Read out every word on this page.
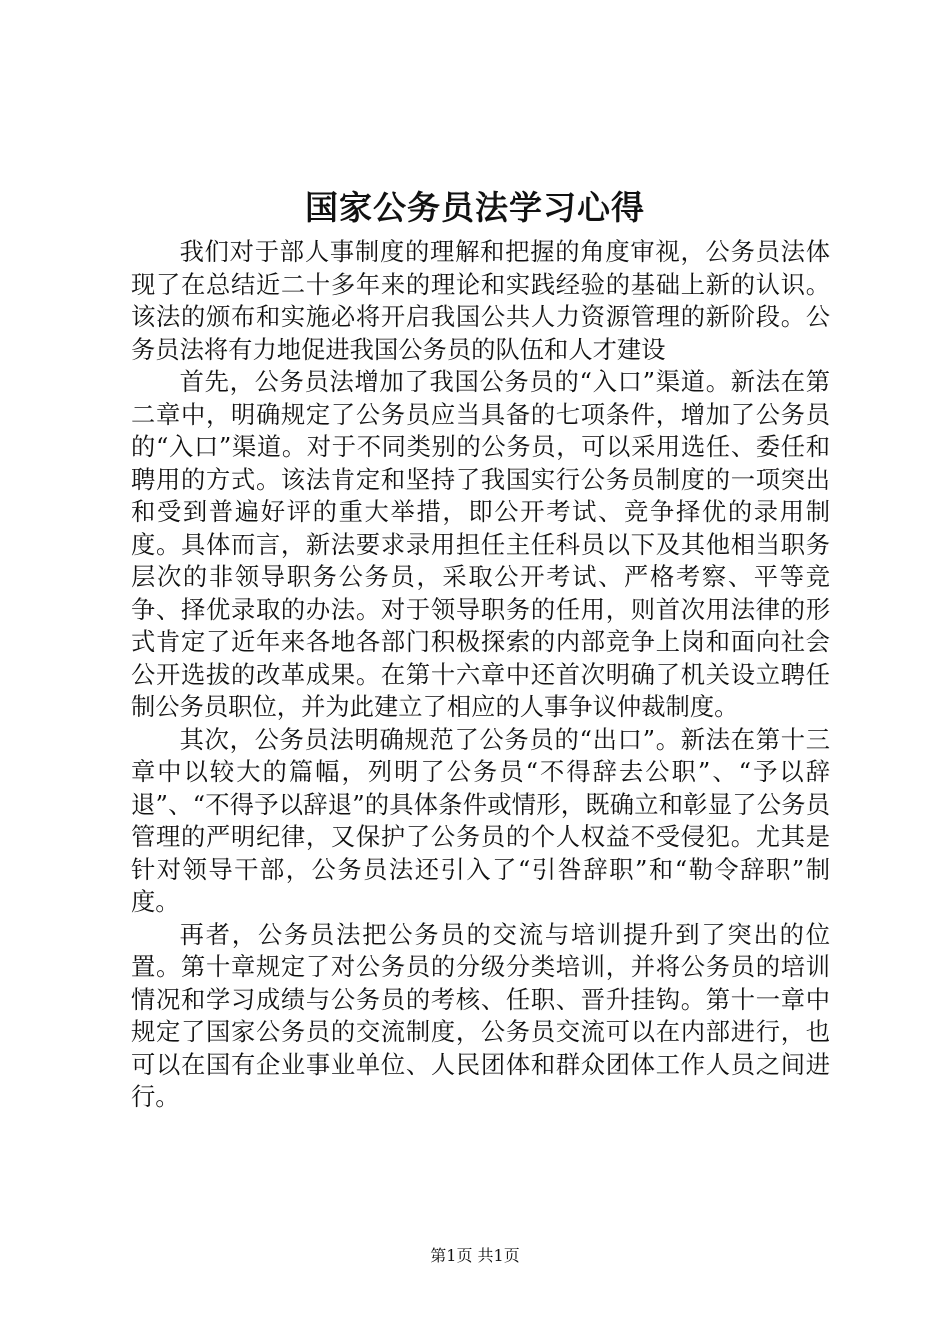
国家公务员法学习心得

我们对于部人事制度的理解和把握的角度审视，公务员法体现了在总结近二十多年来的理论和实践经验的基础上新的认识。该法的颁布和实施必将开启我国公共人力资源管理的新阶段。公务员法将有力地促进我国公务员的队伍和人才建设

首先，公务员法增加了我国公务员的“入口”渠道。新法在第二章中，明确规定了公务员应当具备的七项条件，增加了公务员的“入口”渠道。对于不同类别的公务员，可以采用选任、委任和聘用的方式。该法肯定和坚持了我国实行公务员制度的一项突出和受到普遍好评的重大举措，即公开考试、竞争择优的录用制度。具体而言，新法要求录用担任主任科员以下及其他相当职务层次的非领导职务公务员，采取公开考试、严格考察、平等竞争、择优录取的办法。对于领导职务的任用，则首次用法律的形式肯定了近年来各地各部门积极探索的内部竞争上岗和面向社会公开选拔的改革成果。在第十六章中还首次明确了机关设立聘任制公务员职位，并为此建立了相应的人事争议仲裁制度。

其次，公务员法明确规范了公务员的“出口”。新法在第十三章中以较大的篇幅，列明了公务员“不得辞去公职”、“予以辞退”、“不得予以辞退”的具体条件或情形，既确立和彰显了公务员管理的严明纪律，又保护了公务员的个人权益不受侵犯。尤其是针对领导干部，公务员法还引入了“引咎辞职”和“勒令辞职”制度。

再者，公务员法把公务员的交流与培训提升到了突出的位置。第十章规定了对公务员的分级分类培训，并将公务员的培训情况和学习成绩与公务员的考核、任职、晋升挂钩。第十一章中规定了国家公务员的交流制度，公务员交流可以在内部进行，也可以在国有企业事业单位、人民团体和群众团体工作人员之间进行。

第1页 共1页
